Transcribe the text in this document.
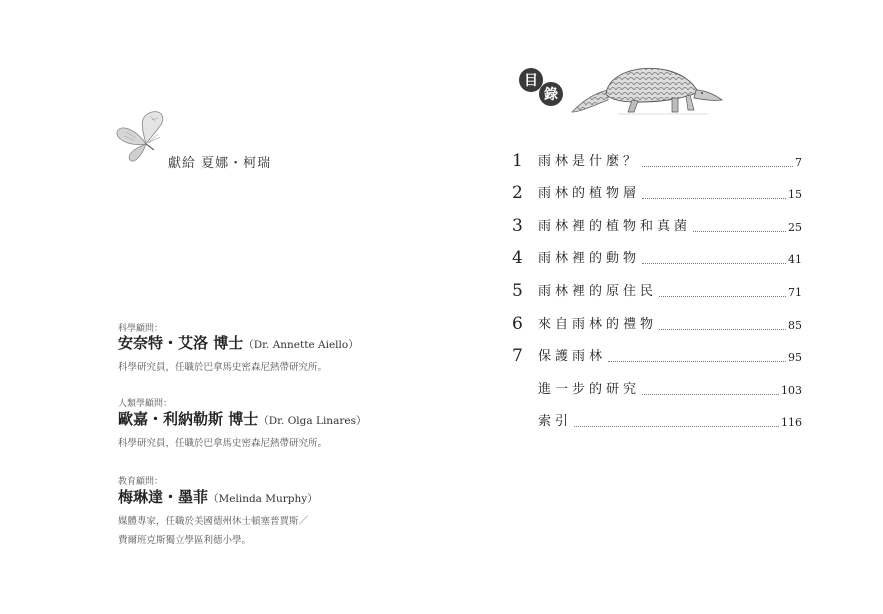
獻給 夏娜・柯瑞
科學顧問：
安奈特・艾洛 博士（Dr. Annette Aiello）
科學研究員，任職於巴拿馬史密森尼熱帶研究所。
人類學顧問：
歐嘉・利納勒斯 博士（Dr. Olga Linares）
科學研究員，任職於巴拿馬史密森尼熱帶研究所。
教育顧問：
梅琳達・墨菲（Melinda Murphy）
媒體專家，任職於美國德州休士頓塞普賈斯／
費爾班克斯獨立學區利德小學。
目
錄
1	雨林是什麼？	7
2	雨林的植物層	15
3	雨林裡的植物和真菌	25
4	雨林裡的動物	41
5	雨林裡的原住民	71
6	來自雨林的禮物	85
7	保護雨林	95
進一步的研究	103
索引	116
